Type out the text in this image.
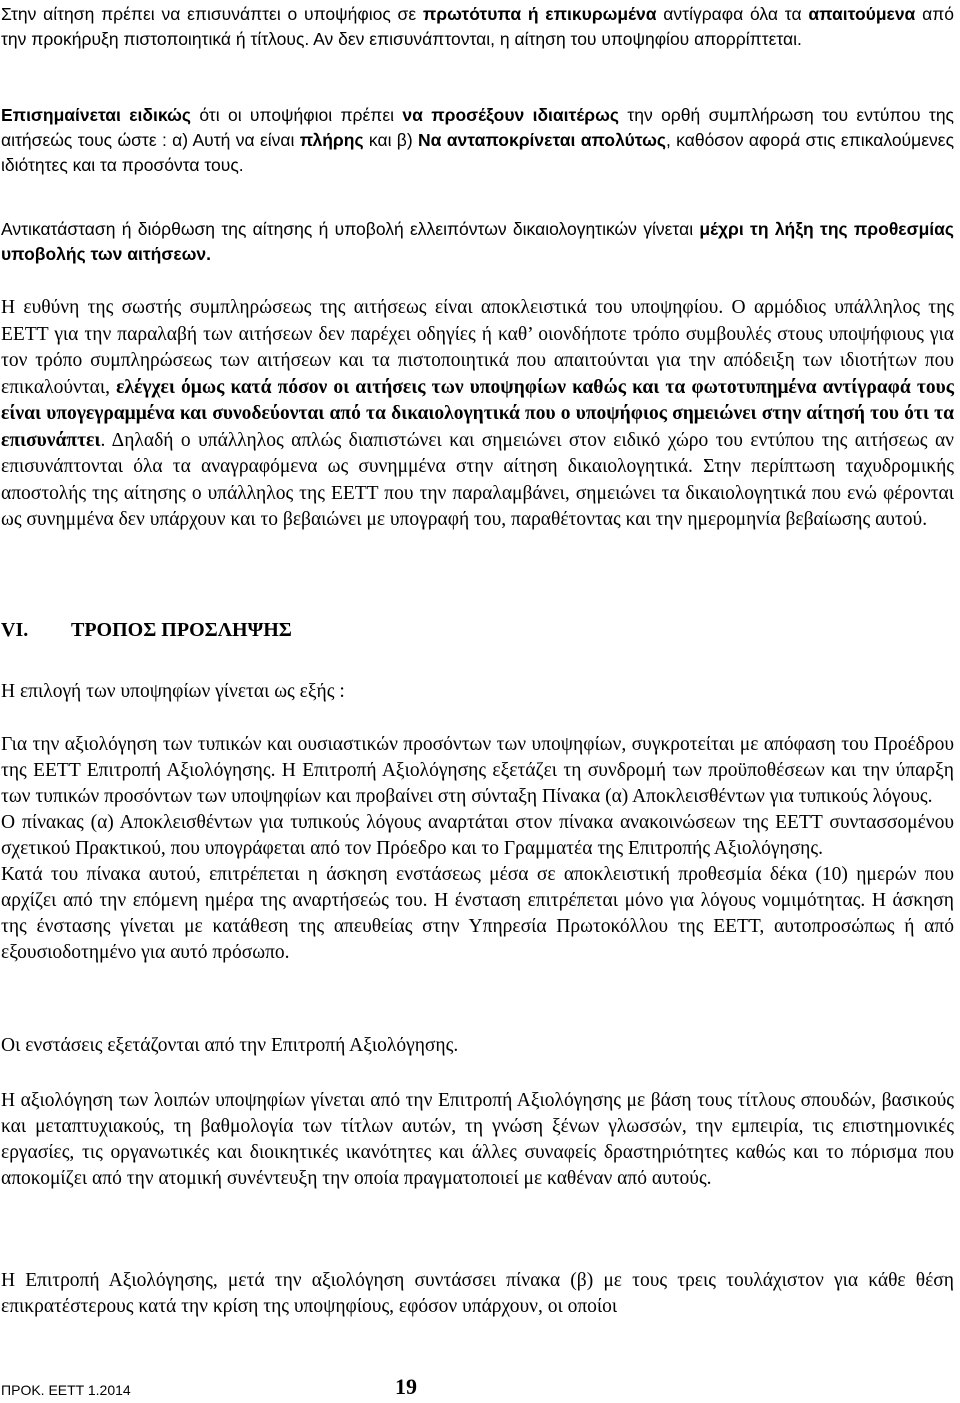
Στην αίτηση πρέπει να επισυνάπτει ο υποψήφιος σε πρωτότυπα ή επικυρωμένα αντίγραφα όλα τα απαιτούμενα από την προκήρυξη πιστοποιητικά ή τίτλους. Αν δεν επισυνάπτονται, η αίτηση του υποψηφίου απορρίπτεται.

Επισημαίνεται ειδικώς ότι οι υποψήφιοι πρέπει να προσέξουν ιδιαιτέρως την ορθή συμπλήρωση του εντύπου της αιτήσεώς τους ώστε : α) Αυτή να είναι πλήρης και β) Να ανταποκρίνεται απολύτως, καθόσον αφορά στις επικαλούμενες ιδιότητες και τα προσόντα τους.

Αντικατάσταση ή διόρθωση της αίτησης ή υποβολή ελλειπόντων δικαιολογητικών γίνεται μέχρι τη λήξη της προθεσμίας υποβολής των αιτήσεων.

Η ευθύνη της σωστής συμπληρώσεως της αιτήσεως είναι αποκλειστικά του υποψηφίου. Ο αρμόδιος υπάλληλος της ΕΕΤΤ για την παραλαβή των αιτήσεων δεν παρέχει οδηγίες ή καθ’ οιονδήποτε τρόπο συμβουλές στους υποψήφιους για τον τρόπο συμπληρώσεως των αιτήσεων και τα πιστοποιητικά που απαιτούνται για την απόδειξη των ιδιοτήτων που επικαλούνται, ελέγχει όμως κατά πόσον οι αιτήσεις των υποψηφίων καθώς και τα φωτοτυπημένα αντίγραφά τους είναι υπογεγραμμένα και συνοδεύονται από τα δικαιολογητικά που ο υποψήφιος σημειώνει στην αίτησή του ότι τα επισυνάπτει. Δηλαδή ο υπάλληλος απλώς διαπιστώνει και σημειώνει στον ειδικό χώρο του εντύπου της αιτήσεως αν επισυνάπτονται όλα τα αναγραφόμενα ως συνημμένα στην αίτηση δικαιολογητικά. Στην περίπτωση ταχυδρομικής αποστολής της αίτησης ο υπάλληλος της ΕΕΤΤ που την παραλαμβάνει, σημειώνει τα δικαιολογητικά που ενώ φέρονται ως συνημμένα δεν υπάρχουν και το βεβαιώνει με υπογραφή του, παραθέτοντας και την ημερομηνία βεβαίωσης αυτού.

VI. ΤΡΟΠΟΣ ΠΡΟΣΛΗΨΗΣ

Η επιλογή των υποψηφίων γίνεται ως εξής :

Για την αξιολόγηση των τυπικών και ουσιαστικών προσόντων των υποψηφίων, συγκροτείται με απόφαση του Προέδρου της ΕΕΤΤ Επιτροπή Αξιολόγησης. Η Επιτροπή Αξιολόγησης εξετάζει τη συνδρομή των προϋποθέσεων και την ύπαρξη των τυπικών προσόντων των υποψηφίων και προβαίνει στη σύνταξη Πίνακα (α) Αποκλεισθέντων για τυπικούς λόγους.

Ο πίνακας (α) Αποκλεισθέντων για τυπικούς λόγους αναρτάται στον πίνακα ανακοινώσεων της ΕΕΤΤ συντασσομένου σχετικού Πρακτικού, που υπογράφεται από τον Πρόεδρο και το Γραμματέα της Επιτροπής Αξιολόγησης.

Κατά του πίνακα αυτού, επιτρέπεται η άσκηση ενστάσεως μέσα σε αποκλειστική προθεσμία δέκα (10) ημερών που αρχίζει από την επόμενη ημέρα της αναρτήσεώς του. Η ένσταση επιτρέπεται μόνο για λόγους νομιμότητας. Η άσκηση της ένστασης γίνεται με κατάθεση της απευθείας στην Υπηρεσία Πρωτοκόλλου της ΕΕΤΤ, αυτοπροσώπως ή από εξουσιοδοτημένο για αυτό πρόσωπο.

Οι ενστάσεις εξετάζονται από την Επιτροπή Αξιολόγησης.

Η αξιολόγηση των λοιπών υποψηφίων γίνεται από την Επιτροπή Αξιολόγησης με βάση τους τίτλους σπουδών, βασικούς και μεταπτυχιακούς, τη βαθμολογία των τίτλων αυτών, τη γνώση ξένων γλωσσών, την εμπειρία, τις επιστημονικές εργασίες, τις οργανωτικές και διοικητικές ικανότητες και άλλες συναφείς δραστηριότητες καθώς και το πόρισμα που αποκομίζει από την ατομική συνέντευξη την οποία πραγματοποιεί με καθέναν από αυτούς.

Η Επιτροπή Αξιολόγησης, μετά την αξιολόγηση συντάσσει πίνακα (β) με τους τρεις τουλάχιστον για κάθε θέση επικρατέστερους κατά την κρίση της υποψηφίους, εφόσον υπάρχουν, οι οποίοι

ΠΡΟΚ. ΕΕΤΤ 1.2014	19
